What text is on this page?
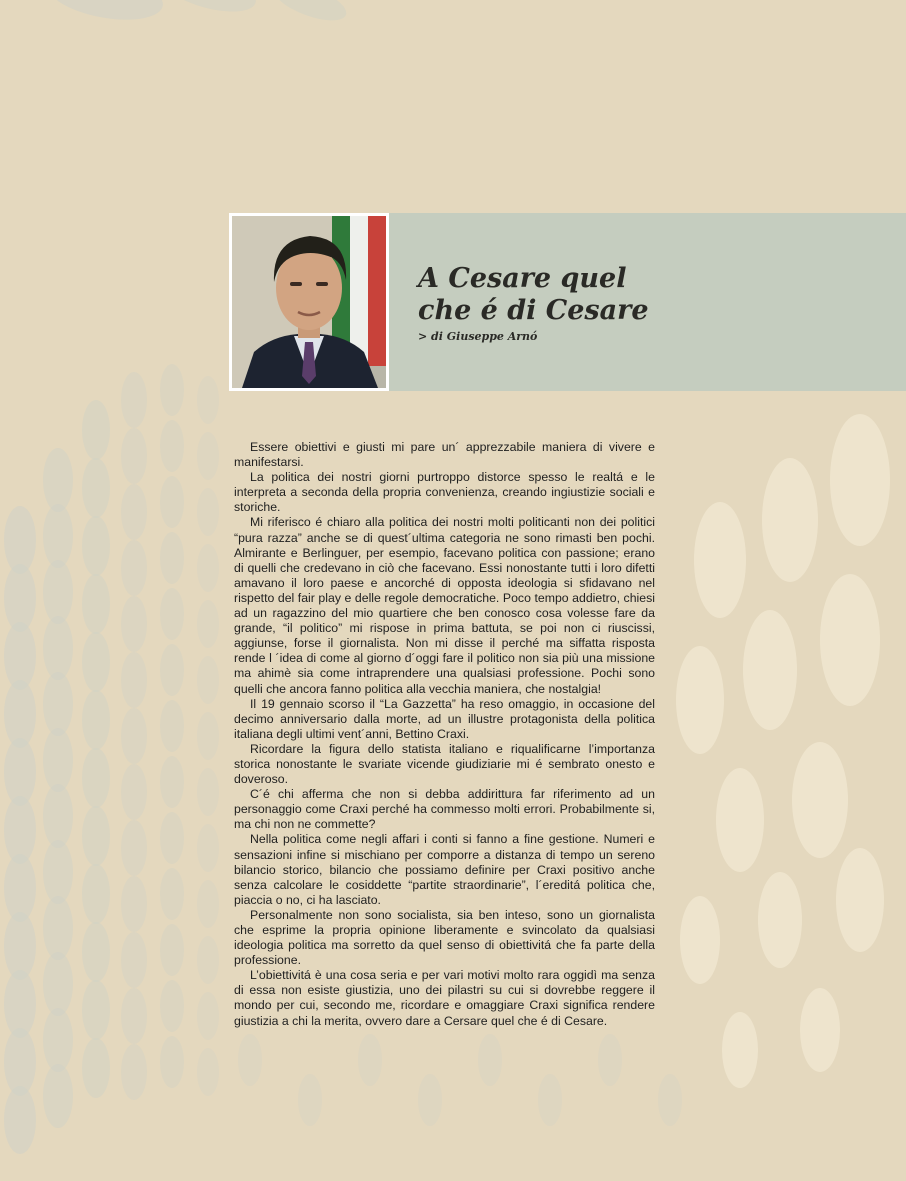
A Cesare quel
che é di Cesare
> di Giuseppe Arnó

Essere obiettivi e giusti mi pare un´ apprezzabile maniera di vivere e manifestarsi.

La politica dei nostri giorni purtroppo distorce spesso le realtá e le interpreta a seconda della propria convenienza, creando ingiustizie sociali e storiche.

Mi riferisco é chiaro alla politica dei nostri molti politicanti non dei politici “pura razza” anche se di quest´ultima categoria ne sono rimasti ben pochi. Almirante e Berlinguer, per esempio, facevano politica con passione; erano di quelli che credevano in ciò che facevano. Essi nonostante tutti i loro difetti amavano il loro paese e ancorché di opposta ideologia si sfidavano nel rispetto del fair play e delle regole democratiche. Poco tempo addietro, chiesi ad un ragazzino del mio quartiere che ben conosco cosa volesse fare da grande, “il politico” mi rispose in prima battuta, se poi non ci riuscissi, aggiunse, forse il giornalista. Non mi disse il perché ma siffatta risposta rende l ´idea di come al giorno d´oggi fare il politico non sia più una missione ma ahimè sia come intraprendere una qualsiasi professione. Pochi sono quelli che ancora fanno politica alla vecchia maniera, che nostalgia!

Il 19 gennaio scorso il “La Gazzetta” ha reso omaggio, in occasione del decimo anniversario dalla morte, ad un illustre protagonista della politica italiana degli ultimi vent´anni, Bettino Craxi.

Ricordare la figura dello statista italiano e riqualificarne l’importanza storica nonostante le svariate vicende giudiziarie mi é sembrato onesto e doveroso.

C´é chi afferma che non si debba addirittura far riferimento ad un personaggio come Craxi perché ha commesso molti errori. Probabilmente si, ma chi non ne commette?

Nella politica come negli affari i conti si fanno a fine gestione. Numeri e sensazioni infine si mischiano per comporre a distanza di tempo un sereno bilancio storico, bilancio che possiamo definire per Craxi positivo anche senza calcolare le cosiddette “partite straordinarie”, l´ereditá politica che, piaccia o no, ci ha lasciato.

Personalmente non sono socialista, sia ben inteso, sono un giornalista che esprime la propria opinione liberamente e svincolato da qualsiasi ideologia politica ma sorretto da quel senso di obiettivitá che fa parte della professione.

L’obiettivitá è una cosa seria e per vari motivi molto rara oggidì ma senza di essa non esiste giustizia, uno dei pilastri su cui si dovrebbe reggere il mondo per cui, secondo me, ricordare e omaggiare Craxi significa rendere giustizia a chi la merita, ovvero dare a Cersare quel che é di Cesare.
